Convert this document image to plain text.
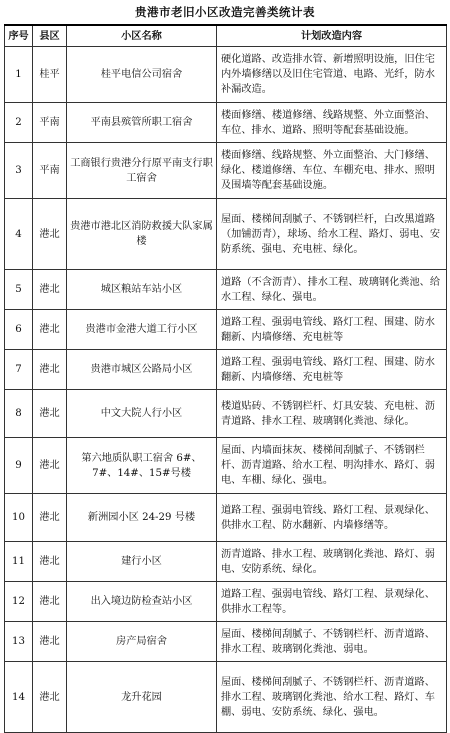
贵港市老旧小区改造完善类统计表
序号	县区	小区名称	计划改造内容
1	桂平	桂平电信公司宿舍	硬化道路、改造排水管、新增照明设施，旧住宅内外墙修缮以及旧住宅管道、电路、光纤，防水补漏改造。
2	平南	平南县殡管所职工宿舍	楼面修缮、楼道修缮、线路规整、外立面整治、车位、排水、道路、照明等配套基础设施。
3	平南	工商银行贵港分行原平南支行职工宿舍	楼面修缮、线路规整、外立面整治、大门修缮、绿化、楼道修缮、车位、车棚充电、排水、照明及围墙等配套基础设施。
4	港北	贵港市港北区消防救援大队家属楼	屋面、楼梯间刮腻子、不锈钢栏杆，白改黑道路（加铺沥青），球场、给水工程、路灯、弱电、安防系统、强电、充电桩、绿化。
5	港北	城区粮站车站小区	道路（不含沥青）、排水工程、玻璃钢化粪池、给水工程、绿化、强电。
6	港北	贵港市金港大道工行小区	道路工程、强弱电管线、路灯工程、围建、防水翻新、内墙修缮、充电桩等
7	港北	贵港市城区公路局小区	道路工程、强弱电管线、路灯工程、围建、防水翻新、内墙修缮、充电桩等
8	港北	中文大院人行小区	楼道贴砖、不锈钢栏杆、灯具安装、充电桩、沥青道路、排水工程、玻璃钢化粪池、绿化。
9	港北	第六地质队职工宿舍 6#、7#、14#、15#号楼	屋面、内墙面抹灰、楼梯间刮腻子、不锈钢栏杆、沥青道路、给水工程、明沟排水、路灯、弱电、车棚、绿化、强电。
10	港北	新洲园小区 24-29 号楼	道路工程、强弱电管线、路灯工程、景观绿化、供排水工程、防水翻新、内墙修缮等。
11	港北	建行小区	沥青道路、排水工程、玻璃钢化粪池、路灯、弱电、安防系统、绿化。
12	港北	出入境边防检查站小区	道路工程、强弱电管线、路灯工程、景观绿化、供排水工程等。
13	港北	房产局宿舍	屋面、楼梯间刮腻子、不锈钢栏杆、沥青道路、排水工程、玻璃钢化粪池、弱电。
14	港北	龙升花园	屋面、楼梯间刮腻子、不锈钢栏杆、沥青道路、排水工程、玻璃钢化粪池、给水工程、路灯、车棚、弱电、安防系统、绿化、强电。
